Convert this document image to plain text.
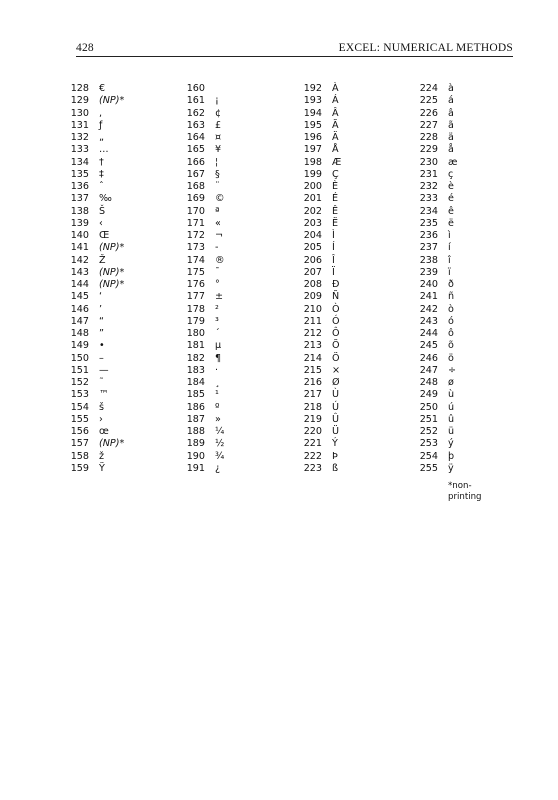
428	EXCEL: NUMERICAL METHODS
128 €
129 (NP)*
130 ,
131 ƒ
132 „
133 …
134 †
135 ‡
136 ˆ
137 ‰
138 Š
139 ‹
140 Œ
141 (NP)*
142 Ž
143 (NP)*
144 (NP)*
145 ‘
146 ’
147 “
148 ”
149 •
150 –
151 —
152 ˜
153 ™
154 š
155 ›
156 œ
157 (NP)*
158 ž
159 Ÿ
160
161 ¡
162 ¢
163 £
164 ¤
165 ¥
166 ¦
167 §
168 ¨
169 ©
170 ª
171 «
172 ¬
173 -
174 ®
175 ¯
176 °
177 ±
178 ²
179 ³
180 ´
181 µ
182 ¶
183 ·
184 ¸
185 ¹
186 º
187 »
188 ¼
189 ½
190 ¾
191 ¿
192 À
193 Á
194 Â
195 Ã
196 Ä
197 Å
198 Æ
199 Ç
200 È
201 É
202 Ê
203 Ë
204 Ì
205 Í
206 Î
207 Ï
208 Ð
209 Ñ
210 Ò
211 Ó
212 Ô
213 Õ
214 Ö
215 ×
216 Ø
217 Ù
218 Ú
219 Û
220 Ü
221 Ý
222 Þ
223 ß
224 à
225 á
226 â
227 ã
228 ä
229 å
230 æ
231 ç
232 è
233 é
234 ê
235 ë
236 ì
237 í
238 î
239 ï
240 ð
241 ñ
242 ò
243 ó
244 ô
245 õ
246 ö
247 ÷
248 ø
249 ù
250 ú
251 û
252 ü
253 ý
254 þ
255 ÿ
*non-
printing
